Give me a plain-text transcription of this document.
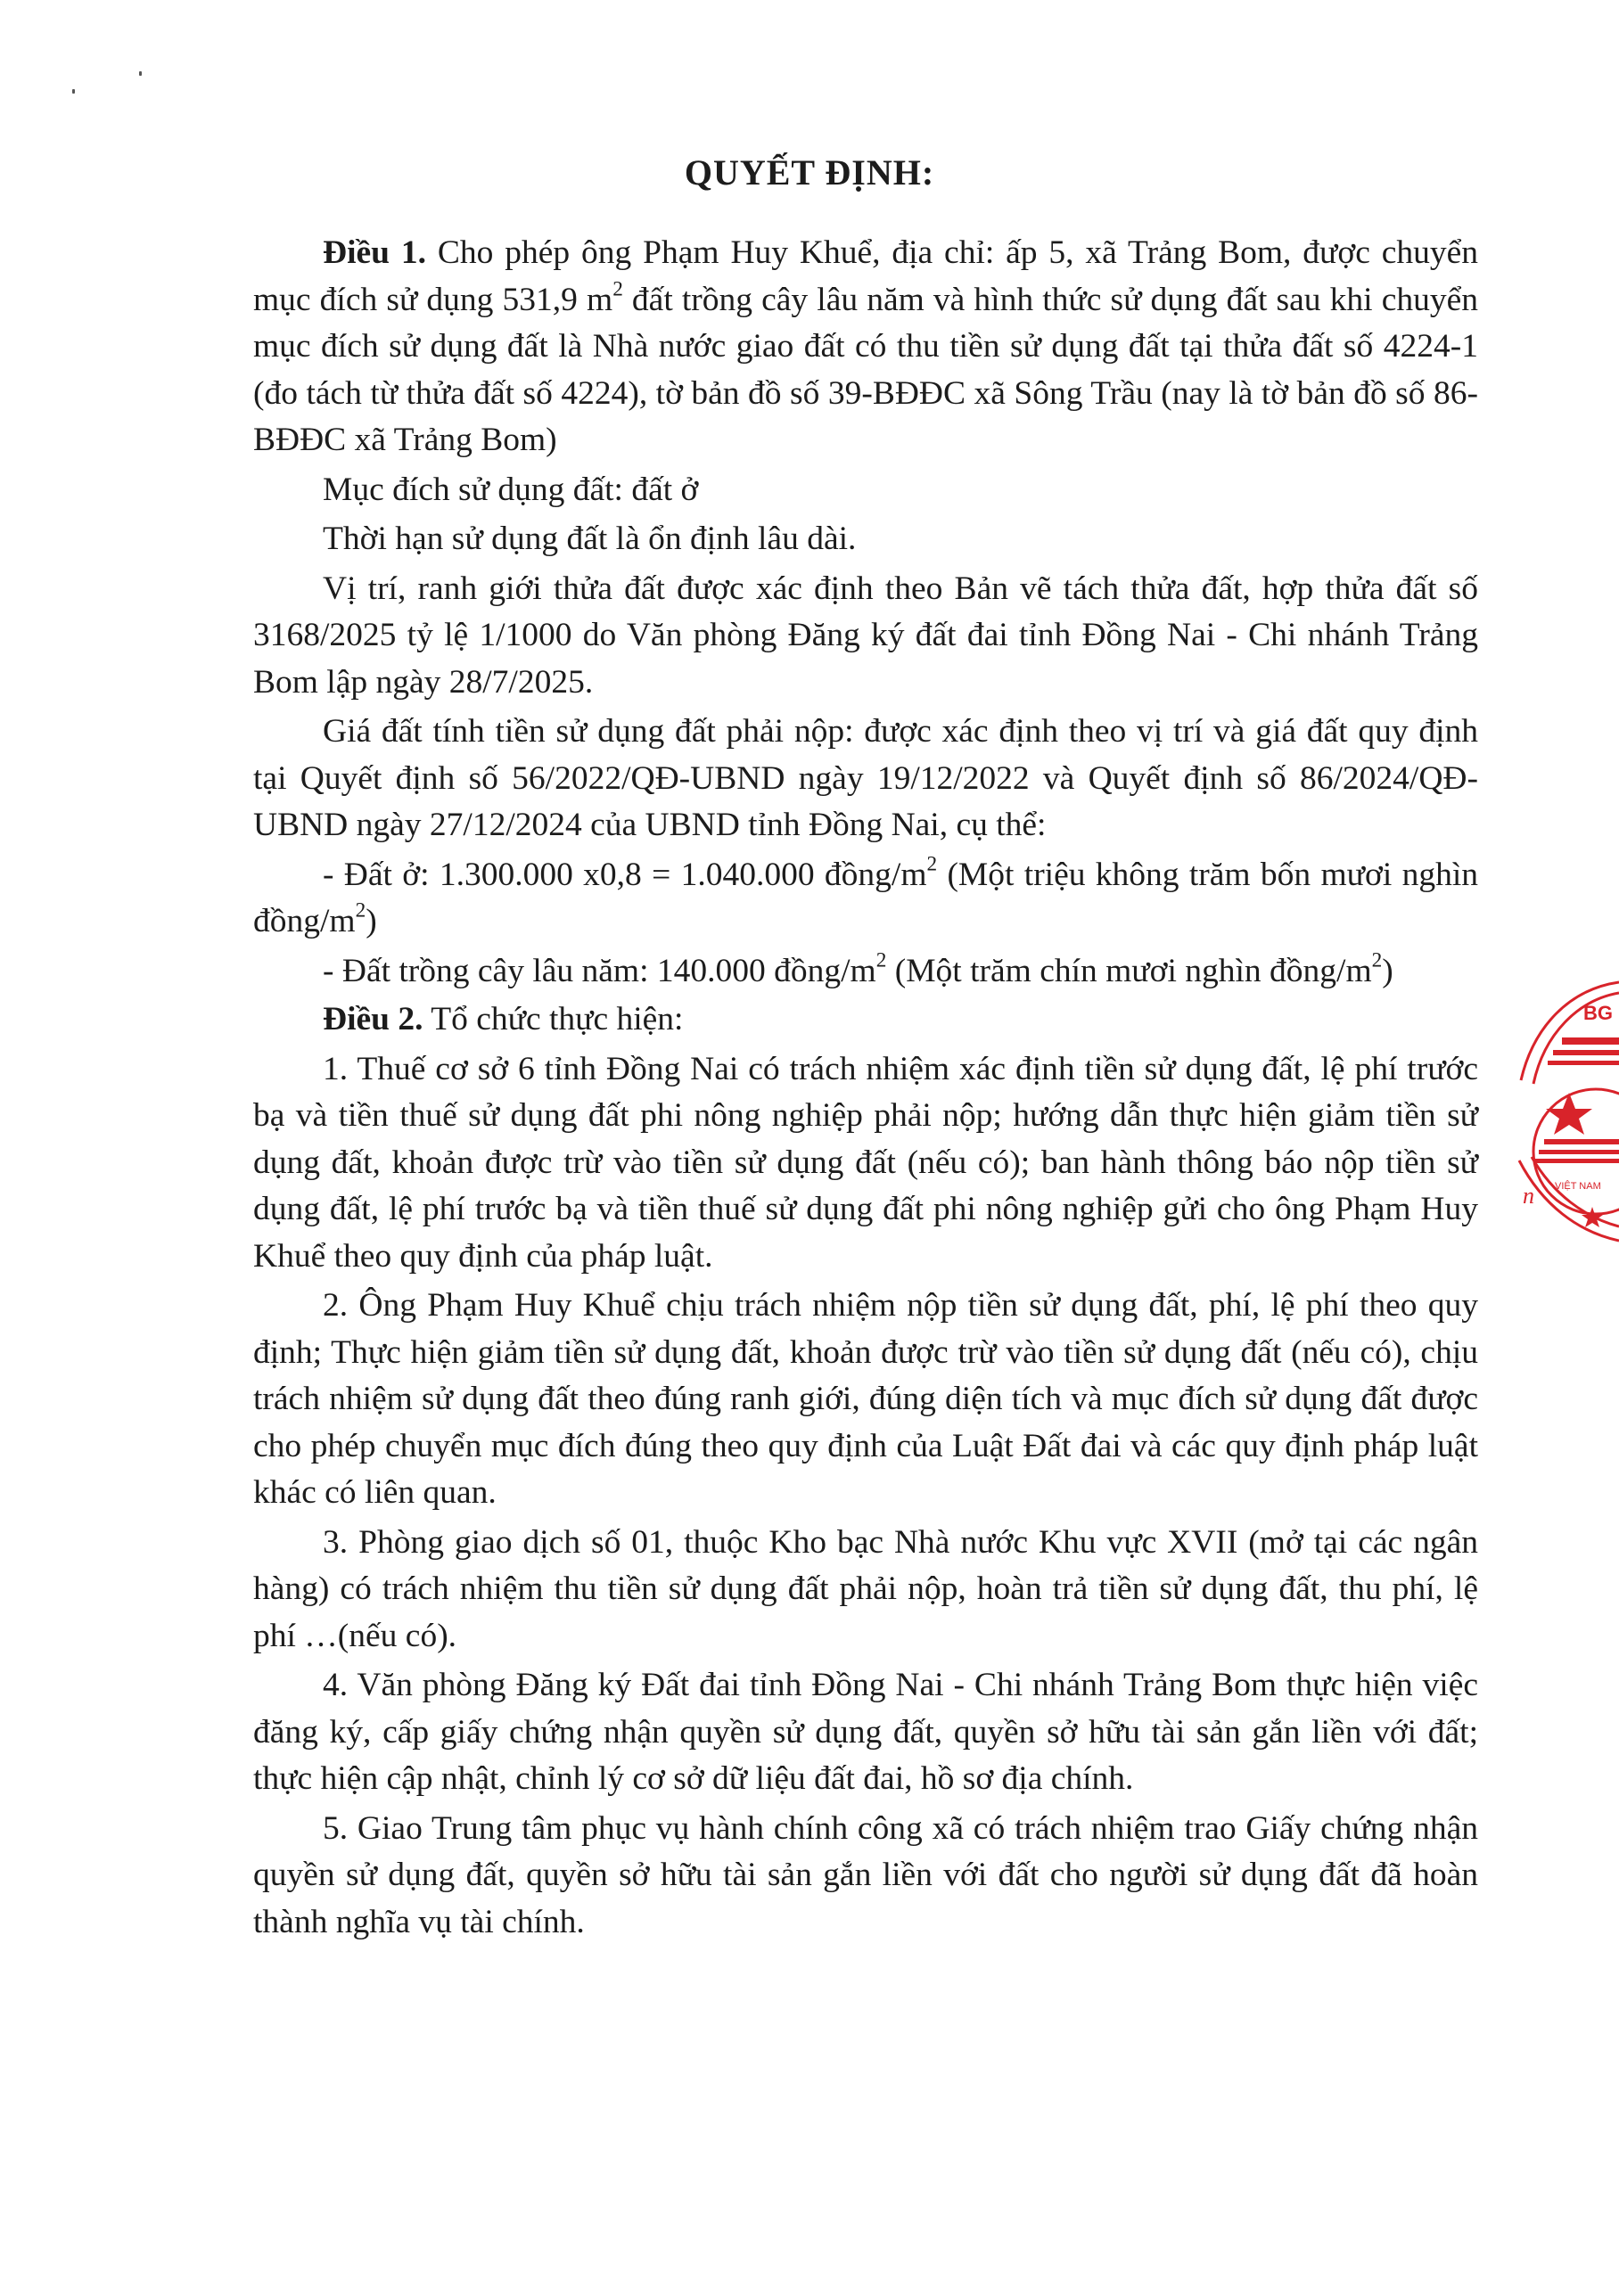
QUYẾT ĐỊNH:

Điều 1. Cho phép ông Phạm Huy Khuể, địa chỉ: ấp 5, xã Trảng Bom, được chuyển mục đích sử dụng 531,9 $m^2$ đất trồng cây lâu năm và hình thức sử dụng đất sau khi chuyển mục đích sử dụng đất là Nhà nước giao đất có thu tiền sử dụng đất tại thửa đất số 4224-1 (đo tách từ thửa đất số 4224), tờ bản đồ số 39-BĐĐC xã Sông Trầu (nay là tờ bản đồ số 86-BĐĐC xã Trảng Bom)

Mục đích sử dụng đất: đất ở

Thời hạn sử dụng đất là ổn định lâu dài.

Vị trí, ranh giới thửa đất được xác định theo Bản vẽ tách thửa đất, hợp thửa đất số 3168/2025 tỷ lệ 1/1000 do Văn phòng Đăng ký đất đai tỉnh Đồng Nai - Chi nhánh Trảng Bom lập ngày 28/7/2025.

Giá đất tính tiền sử dụng đất phải nộp: được xác định theo vị trí và giá đất quy định tại Quyết định số 56/2022/QĐ-UBND ngày 19/12/2022 và Quyết định số 86/2024/QĐ-UBND ngày 27/12/2024 của UBND tỉnh Đồng Nai, cụ thể:

- Đất ở: 1.300.000 x0,8 = 1.040.000 đồng/$m^2$ (Một triệu không trăm bốn mươi nghìn đồng/$m^2$)

- Đất trồng cây lâu năm: 140.000 đồng/$m^2$ (Một trăm chín mươi nghìn đồng/$m^2$)

Điều 2. Tổ chức thực hiện:

1. Thuế cơ sở 6 tỉnh Đồng Nai có trách nhiệm xác định tiền sử dụng đất, lệ phí trước bạ và tiền thuế sử dụng đất phi nông nghiệp phải nộp; hướng dẫn thực hiện giảm tiền sử dụng đất, khoản được trừ vào tiền sử dụng đất (nếu có); ban hành thông báo nộp tiền sử dụng đất, lệ phí trước bạ và tiền thuế sử dụng đất phi nông nghiệp gửi cho ông Phạm Huy Khuể theo quy định của pháp luật.

2. Ông Phạm Huy Khuể chịu trách nhiệm nộp tiền sử dụng đất, phí, lệ phí theo quy định; Thực hiện giảm tiền sử dụng đất, khoản được trừ vào tiền sử dụng đất (nếu có), chịu trách nhiệm sử dụng đất theo đúng ranh giới, đúng diện tích và mục đích sử dụng đất được cho phép chuyển mục đích đúng theo quy định của Luật Đất đai và các quy định pháp luật khác có liên quan.

3. Phòng giao dịch số 01, thuộc Kho bạc Nhà nước Khu vực XVII (mở tại các ngân hàng) có trách nhiệm thu tiền sử dụng đất phải nộp, hoàn trả tiền sử dụng đất, thu phí, lệ phí …(nếu có).

4. Văn phòng Đăng ký Đất đai tỉnh Đồng Nai - Chi nhánh Trảng Bom thực hiện việc đăng ký, cấp giấy chứng nhận quyền sử dụng đất, quyền sở hữu tài sản gắn liền với đất; thực hiện cập nhật, chỉnh lý cơ sở dữ liệu đất đai, hồ sơ địa chính.

5. Giao Trung tâm phục vụ hành chính công xã có trách nhiệm trao Giấy chứng nhận quyền sử dụng đất, quyền sở hữu tài sản gắn liền với đất cho người sử dụng đất đã hoàn thành nghĩa vụ tài chính.

BG
VIỆT NAM
n
